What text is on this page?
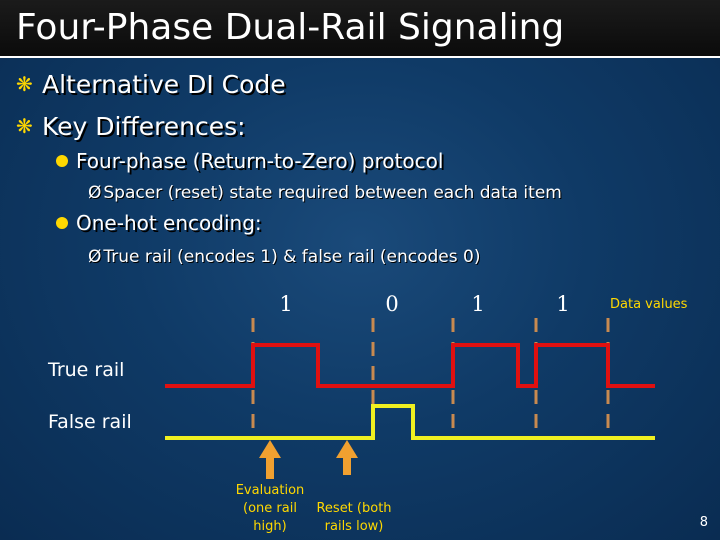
Four-Phase Dual-Rail Signaling
❋ Alternative DI Code
❋ Key Differences:
Four-phase (Return-to-Zero) protocol
Ø Spacer (reset) state required between each data item
One-hot encoding:
Ø True rail (encodes 1) & false rail (encodes 0)
1	0	1	1	Data values
True rail
False rail
Evaluation
(one rail
high)
Reset (both
rails low)	8
